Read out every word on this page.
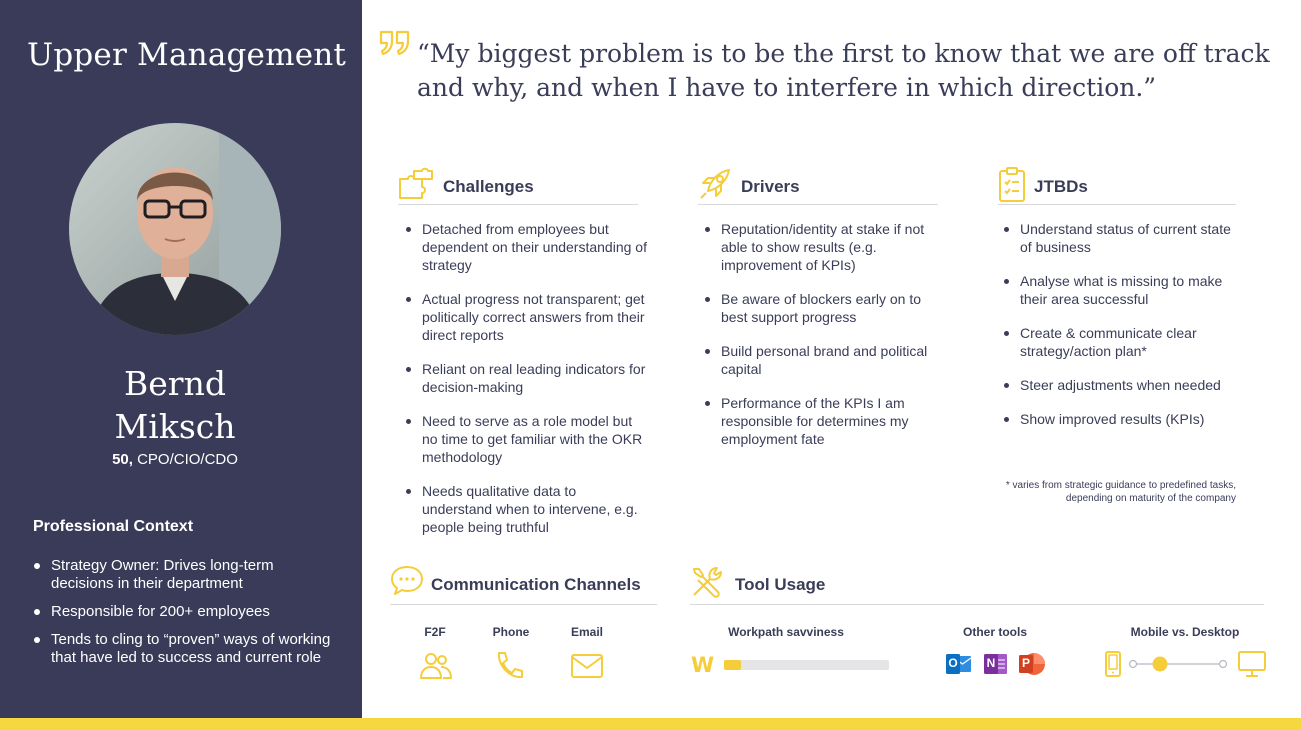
Upper Management
Bernd
Miksch
50, CPO/CIO/CDO
Professional Context
Strategy Owner: Drives long-term decisions in their department
Responsible for 200+ employees
Tends to cling to “proven” ways of working that have led to success and current role
“My biggest problem is to be the first to know that we are off track and why, and when I have to interfere in which direction.”
Challenges
Detached from employees but dependent on their understanding of strategy
Actual progress not transparent; get politically correct answers from their direct reports
Reliant on real leading indicators for decision-making
Need to serve as a role model but no time to get familiar with the OKR methodology
Needs qualitative data to understand when to intervene, e.g. people being truthful
Drivers
Reputation/identity at stake if not able to show results (e.g. improvement of KPIs)
Be aware of blockers early on to best support progress
Build personal brand and political capital
Performance of the KPIs I am responsible for determines my employment fate
JTBDs
Understand status of current state of business
Analyse what is missing to make their area successful
Create & communicate clear strategy/action plan*
Steer adjustments when needed
Show improved results (KPIs)
* varies from strategic guidance to predefined tasks, depending on maturity of the company
Communication Channels
F2F	Phone	Email
Tool Usage
Workpath savviness
W
Other tools
O N P
Mobile vs. Desktop
